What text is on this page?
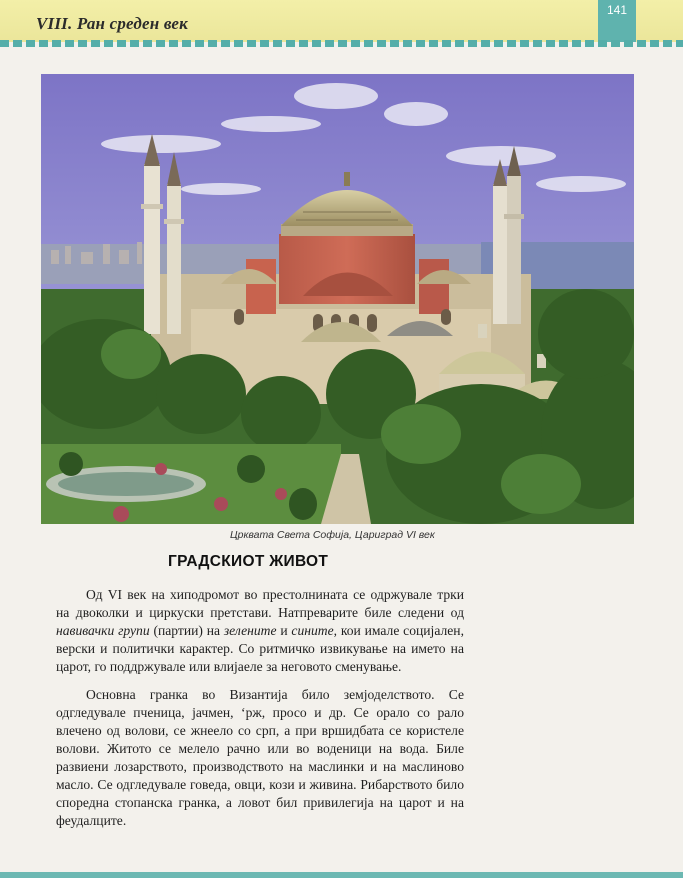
VIII. Ран среден век
141
Црквата Света Софија, Цариград VI век
ГРАДСКИОТ ЖИВОТ

Од VI век на хиподромот во престолнината се одржувале трки на двоколки и циркуски претстави. Натпреварите биле следени од навивачки групи (партии) на зелените и сините, кои имале социјален, верски и политички карактер. Со ритмичко извикување на името на царот, го поддржувале или влијаеле за неговото сменување.

Основна гранка во Византија било земјоделството. Се одгледувале пченица, јачмен, ‘рж, просо и др. Се орало со рало влечено од волови, се жнеело со срп, а при вршидбата се користеле волови. Житото се мелело рачно или во воденици на вода. Биле развиени лозарството, производството на маслинки и на маслиново масло. Се одгледувале говеда, овци, кози и живина. Рибарството било споредна стопанска гранка, а ловот бил привилегија на царот и на феудалците.
